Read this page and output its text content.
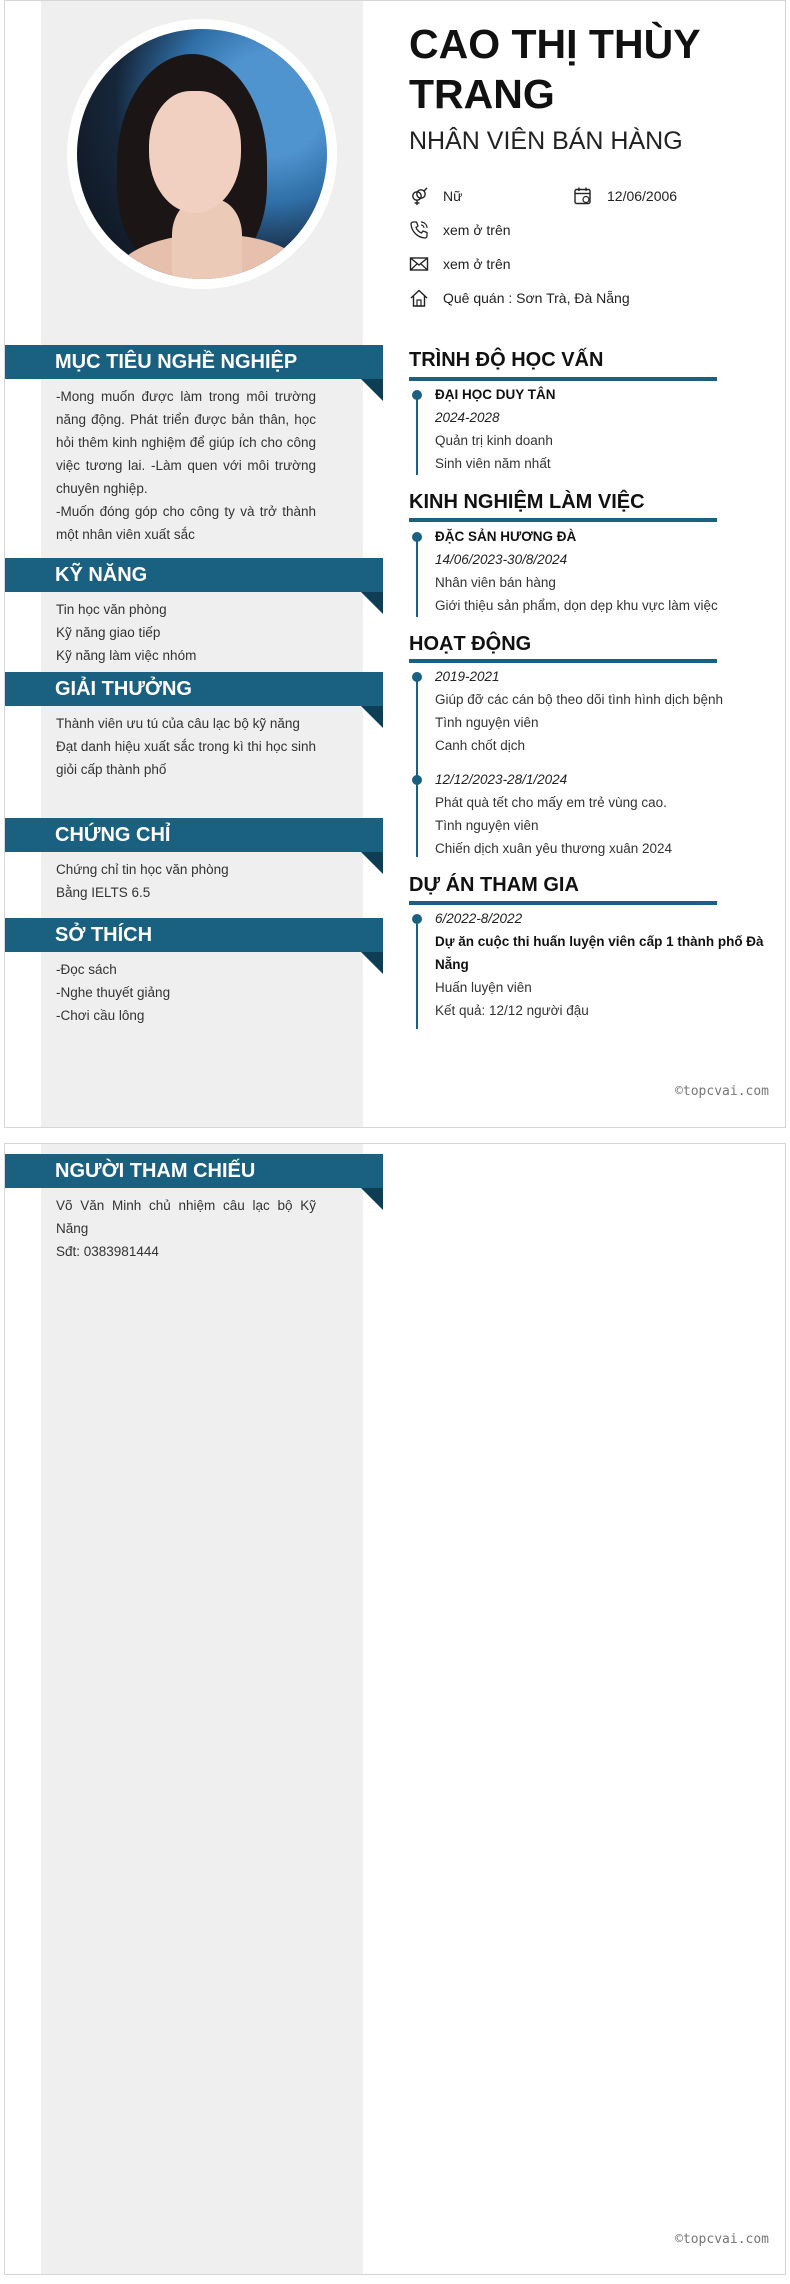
CAO THỊ THÙY TRANG
NHÂN VIÊN BÁN HÀNG
Nữ	12/06/2006
xem ở trên
xem ở trên
Quê quán : Sơn Trà, Đà Nẵng
MỤC TIÊU NGHỀ NGHIỆP
-Mong muốn được làm trong môi trường năng động. Phát triển được bản thân, học hỏi thêm kinh nghiệm để giúp ích cho công việc tương lai. -Làm quen với môi trường chuyên nghiệp.
-Muốn đóng góp cho công ty và trở thành một nhân viên xuất sắc
KỸ NĂNG
Tin học văn phòng
Kỹ năng giao tiếp
Kỹ năng làm việc nhóm
GIẢI THƯỞNG
Thành viên ưu tú của câu lạc bộ kỹ năng
Đạt danh hiệu xuất sắc trong kì thi học sinh giỏi cấp thành phố
CHỨNG CHỈ
Chứng chỉ tin học văn phòng
Bằng IELTS 6.5
SỞ THÍCH
-Đọc sách
-Nghe thuyết giảng
-Chơi cầu lông
TRÌNH ĐỘ HỌC VẤN
ĐẠI HỌC DUY TÂN
2024-2028
Quản trị kinh doanh
Sinh viên năm nhất
KINH NGHIỆM LÀM VIỆC
ĐẶC SẢN HƯƠNG ĐÀ
14/06/2023-30/8/2024
Nhân viên bán hàng
Giới thiệu sản phẩm, dọn dẹp khu vực làm việc
HOẠT ĐỘNG
2019-2021
Giúp đỡ các cán bộ theo dõi tình hình dịch bệnh
Tình nguyện viên
Canh chốt dịch
12/12/2023-28/1/2024
Phát quà tết cho mấy em trẻ vùng cao.
Tình nguyện viên
Chiến dịch xuân yêu thương xuân 2024
DỰ ÁN THAM GIA
6/2022-8/2022
Dự ăn cuộc thi huấn luyện viên cấp 1 thành phố Đà Nẵng
Huấn luyện viên
Kết quả: 12/12 người đậu
©topcvai.com
NGƯỜI THAM CHIẾU
Võ Văn Minh chủ nhiệm câu lạc bộ Kỹ Năng
Sđt: 0383981444
©topcvai.com
